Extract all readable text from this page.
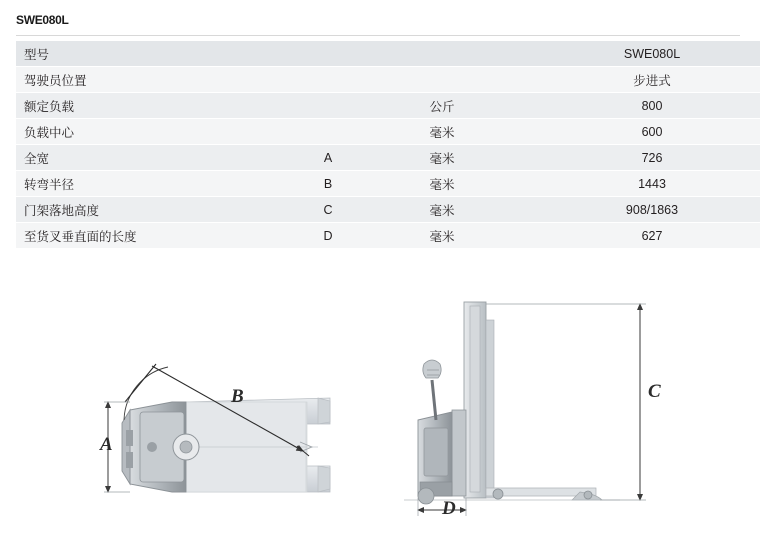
SWE080L
型号			SWE080L
驾驶员位置			步进式
额定负载		公斤	800
负载中心		毫米	600
全宽	A	毫米	726
转弯半径	B	毫米	1443
门架落地高度	C	毫米	908/1863
至货叉垂直面的长度	D	毫米	627
A
B	C
D
